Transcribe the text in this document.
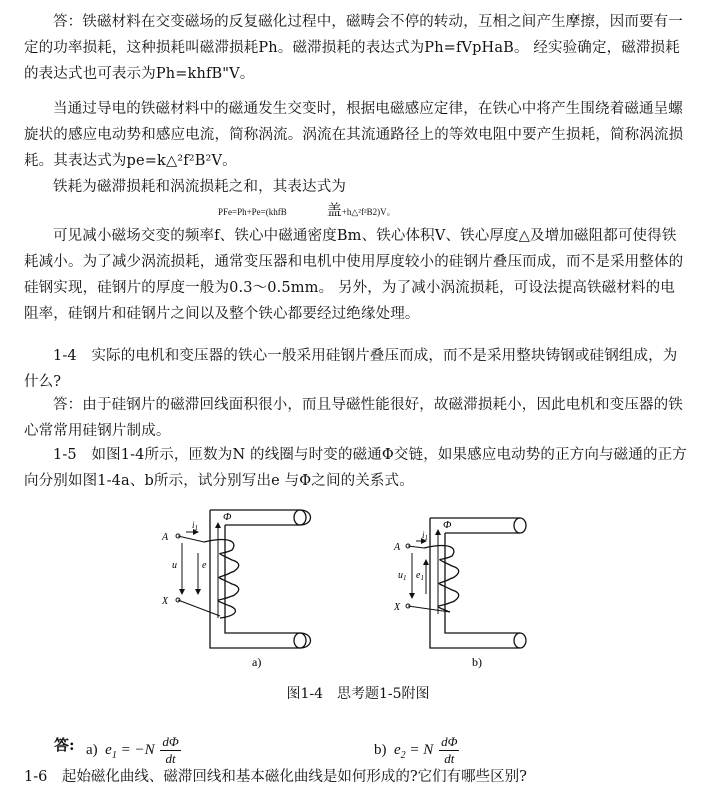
答：铁磁材料在交变磁场的反复磁化过程中，磁畴会不停的转动，互相之间产生摩擦，因而要有一定的功率损耗，这种损耗叫磁滞损耗Ph。磁滞损耗的表达式为Ph=fVpHaB。 经实验确定，磁滞损耗的表达式也可表示为Ph=khfB"V。
当通过导电的铁磁材料中的磁通发生交变时，根据电磁感应定律，在铁心中将产生围绕着磁通呈螺旋状的感应电动势和感应电流，简称涡流。涡流在其流通路径上的等效电阻中要产生损耗，简称涡流损耗。其表达式为pe=k△²f²B²V。
铁耗为磁滞损耗和涡流损耗之和，其表达式为
PFe=Ph+Pe=(khfB	盖+h△²f²B2)V。
可见减小磁场交变的频率f、铁心中磁通密度Bm、铁心体积V、铁心厚度△及增加磁阻都可使得铁耗减小。为了减少涡流损耗，通常变压器和电机中使用厚度较小的硅钢片叠压而成，而不是采用整体的硅钢实现，硅钢片的厚度一般为0.3～0.5mm。 另外，为了减小涡流损耗，可设法提高铁磁材料的电阻率，硅钢片和硅钢片之间以及整个铁心都要经过绝缘处理。
1-4　实际的电机和变压器的铁心一般采用硅钢片叠压而成，而不是采用整块铸钢或硅钢组成，为什么?
答：由于硅钢片的磁滞回线面积很小，而且导磁性能很好，故磁滞损耗小，因此电机和变压器的铁心常常用硅钢片制成。
1-5　如图1-4所示，匝数为N 的线圈与时变的磁通Φ交链，如果感应电动势的正方向与磁通的正方向分别如图1-4a、b所示，试分别写出e 与Φ之间的关系式。
Φ
A
$i_1$
X
u	e
a)
Φ
A
$i_1$
X
$u_1$ $e_1$
b)
图1-4　思考题1-5附图
答: a) $e_1 = -N \frac{d\Phi}{dt}$	b) $e_2 = N \frac{d\Phi}{dt}$
1-6　起始磁化曲线、磁滞回线和基本磁化曲线是如何形成的?它们有哪些区别?
